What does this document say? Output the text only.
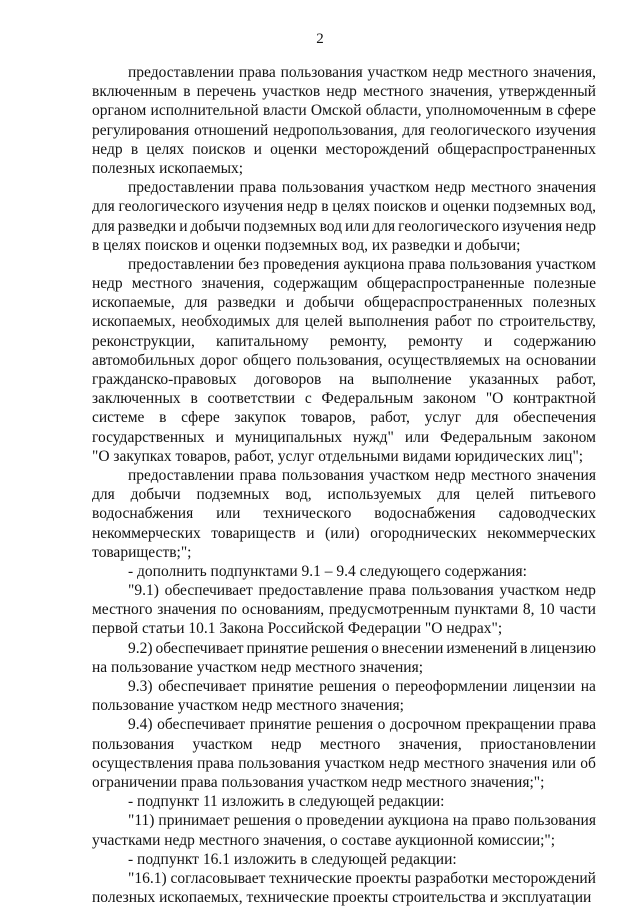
2
предоставлении права пользования участком недр местного значения,
включенным в перечень участков недр местного значения, утвержденный
органом исполнительной власти Омской области, уполномоченным в сфере
регулирования отношений недропользования, для геологического изучения
недр в целях поисков и оценки месторождений общераспространенных
полезных ископаемых;
предоставлении права пользования участком недр местного значения
для геологического изучения недр в целях поисков и оценки подземных вод,
для разведки и добычи подземных вод или для геологического изучения недр
в целях поисков и оценки подземных вод, их разведки и добычи;
предоставлении без проведения аукциона права пользования участком
недр местного значения, содержащим общераспространенные полезные
ископаемые, для разведки и добычи общераспространенных полезных
ископаемых, необходимых для целей выполнения работ по строительству,
реконструкции, капитальному ремонту, ремонту и содержанию
автомобильных дорог общего пользования, осуществляемых на основании
гражданско-правовых договоров на выполнение указанных работ,
заключенных в соответствии с Федеральным законом "О контрактной
системе в сфере закупок товаров, работ, услуг для обеспечения
государственных и муниципальных нужд" или Федеральным законом
"О закупках товаров, работ, услуг отдельными видами юридических лиц";
предоставлении права пользования участком недр местного значения
для добычи подземных вод, используемых для целей питьевого
водоснабжения или технического водоснабжения садоводческих
некоммерческих товариществ и (или) огороднических некоммерческих
товариществ;";
- дополнить подпунктами 9.1 – 9.4 следующего содержания:
"9.1) обеспечивает предоставление права пользования участком недр
местного значения по основаниям, предусмотренным пунктами 8, 10 части
первой статьи 10.1 Закона Российской Федерации "О недрах";
9.2) обеспечивает принятие решения о внесении изменений в лицензию
на пользование участком недр местного значения;
9.3) обеспечивает принятие решения о переоформлении лицензии на
пользование участком недр местного значения;
9.4) обеспечивает принятие решения о досрочном прекращении права
пользования участком недр местного значения, приостановлении
осуществления права пользования участком недр местного значения или об
ограничении права пользования участком недр местного значения;";
- подпункт 11 изложить в следующей редакции:
"11) принимает решения о проведении аукциона на право пользования
участками недр местного значения, о составе аукционной комиссии;";
- подпункт 16.1 изложить в следующей редакции:
"16.1) согласовывает технические проекты разработки месторождений
полезных ископаемых, технические проекты строительства и эксплуатации
